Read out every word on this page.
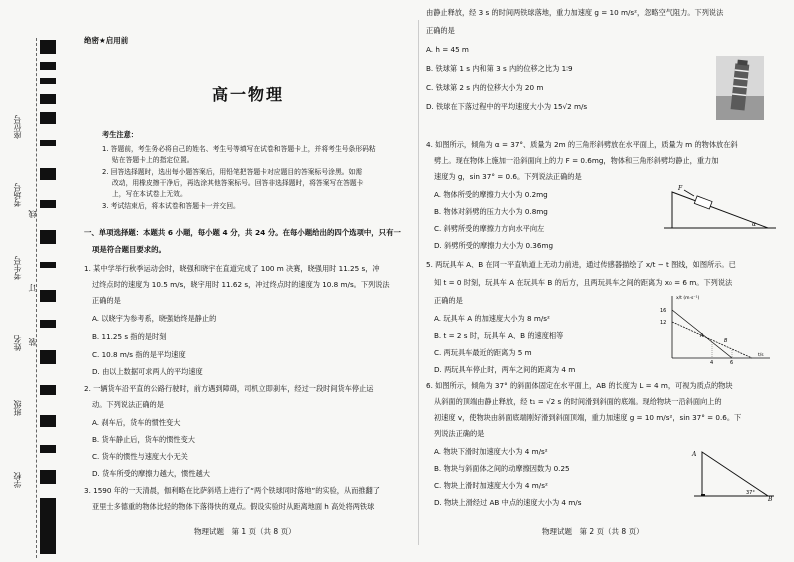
座位号
考场号
考生号
姓名
班级
学校
线
订
装
绝密★启用前
高一物理
考生注意：
1. 答题前，考生务必将自己的姓名、考生号等填写在试卷和答题卡上，并将考生号条形码粘
贴在答题卡上的指定位置。
2. 回答选择题时，选出每小题答案后，用铅笔把答题卡对应题目的答案标号涂黑。如需
改动，用橡皮擦干净后，再选涂其他答案标号。回答非选择题时，将答案写在答题卡
上，写在本试卷上无效。
3. 考试结束后，将本试卷和答题卡一并交回。
一、单项选择题：本题共 6 小题，每小题 4 分，共 24 分。在每小题给出的四个选项中，只有一
项是符合题目要求的。
1. 某中学举行秋季运动会时，晓强和晓宇在直道完成了 100 m 决赛，晓强用时 11.25 s，冲
过终点时的速度为 10.5 m/s，晓宇用时 11.62 s，冲过终点时的速度为 10.8 m/s。下列说法
正确的是
A. 以晓宇为参考系，晓强始终是静止的
B. 11.25 s 指的是时刻
C. 10.8 m/s 指的是平均速度
D. 由以上数据可求两人的平均速度
2. 一辆货车沿平直的公路行驶时，前方遇到障碍，司机立即刹车，经过一段时间货车停止运
动。下列说法正确的是
A. 刹车后，货车的惯性变大
B. 货车静止后，货车的惯性变大
C. 货车的惯性与速度大小无关
D. 货车所受的摩擦力越大，惯性越大
3. 1590 年的一天清晨，伽利略在比萨斜塔上进行了“两个铁球同时落地”的实验，从而推翻了
亚里士多德重的物体比轻的物体下落得快的观点。假设实验时从距离地面 h 高处将两铁球
物理试题　第 1 页（共 8 页）
由静止释放，经 3 s 的时间两铁球落地，重力加速度 g = 10 m/s²，忽略空气阻力。下列说法
正确的是
A. h = 45 m
B. 铁球第 1 s 内和第 3 s 内的位移之比为 1∶9
C. 铁球第 2 s 内的位移大小为 20 m
D. 铁球在下落过程中的平均速度大小为 15√2 m/s
4. 如图所示，倾角为 α = 37°、质量为 2m 的三角形斜劈放在水平面上，质量为 m 的物体放在斜
劈上。现在物体上施加一沿斜面向上的力 F = 0.6mg，物体和三角形斜劈均静止，重力加
速度为 g，sin 37° = 0.6。下列说法正确的是
A. 物体所受的摩擦力大小为 0.2mg
B. 物体对斜劈的压力大小为 0.8mg
C. 斜劈所受的摩擦力方向水平向左
D. 斜劈所受的摩擦力大小为 0.36mg
F
α
5. 两玩具车 A、B 在同一平直轨道上无动力前进，通过传感器描绘了 x/t − t 图线，如图所示。已
知 t = 0 时刻，玩具车 A 在玩具车 B 的后方，且两玩具车之间的距离为 x₀ = 6 m。下列说法
正确的是
A. 玩具车 A 的加速度大小为 8 m/s²
B. t = 2 s 时，玩具车 A、B 的速度相等
C. 两玩具车最近的距离为 5 m
D. 两玩具车停止时，两车之间的距离为 4 m
x/t (m·s⁻¹)
t/s
16
12
4	6
A
B
6. 如图所示，倾角为 37° 的斜面体固定在水平面上，AB 的长度为 L = 4 m，可视为质点的物块
从斜面的顶端由静止释放，经 t₁ = √2 s 的时间滑到斜面的底端。现给物块一沿斜面向上的
初速度 v，使物块由斜面底端刚好滑到斜面顶端，重力加速度 g = 10 m/s²，sin 37° = 0.6。下
列说法正确的是
A. 物块下滑时加速度大小为 4 m/s²
B. 物块与斜面体之间的动摩擦因数为 0.25
C. 物块上滑时加速度大小为 4 m/s²
D. 物块上滑经过 AB 中点的速度大小为 4 m/s
A
B
37°
物理试题　第 2 页（共 8 页）
